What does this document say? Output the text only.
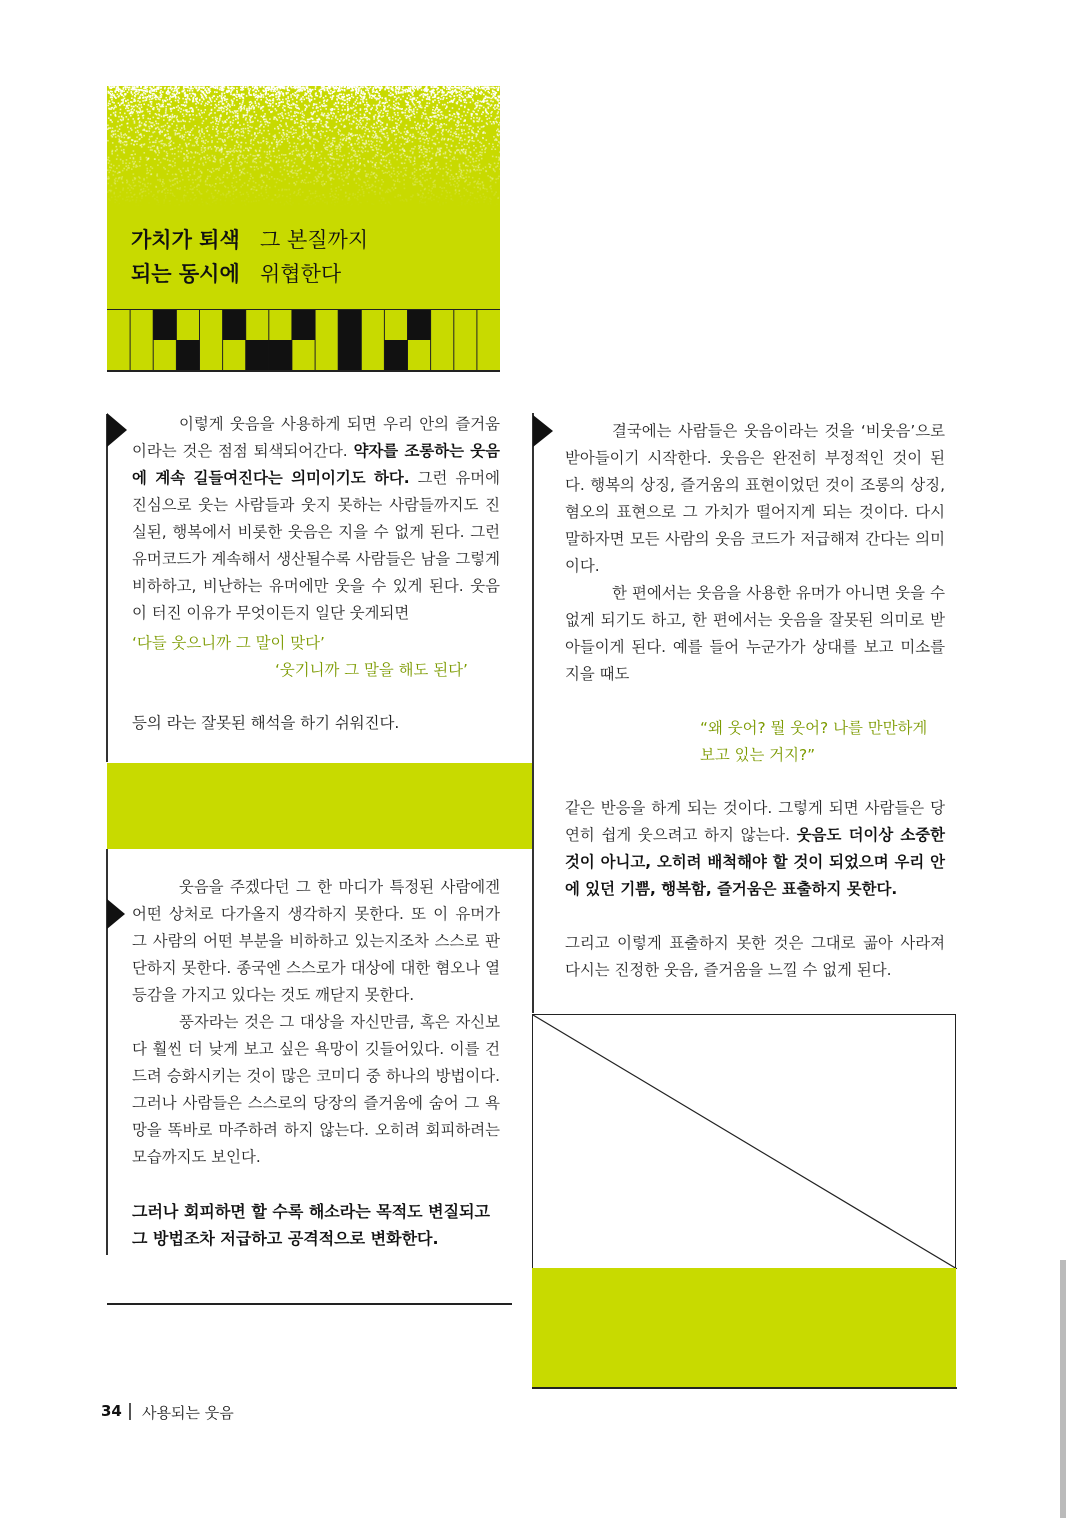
가치가 퇴색
되는 동시에
그 본질까지
위협한다

이렇게 웃음을 사용하게 되면 우리 안의 즐거움이라는 것은 점점 퇴색되어간다. 약자를 조롱하는 웃음에 계속 길들여진다는 의미이기도 하다. 그런 유머에 진심으로 웃는 사람들과 웃지 못하는 사람들까지도 진실된, 행복에서 비롯한 웃음은 지을 수 없게 된다. 그런 유머코드가 계속해서 생산될수록 사람들은 남을 그렇게 비하하고, 비난하는 유머에만 웃을 수 있게 된다. 웃음이 터진 이유가 무엇이든지 일단 웃게되면

‘다들 웃으니까 그 말이 맞다’
‘웃기니까 그 말을 해도 된다’
등의 라는 잘못된 해석을 하기 쉬워진다.

웃음을 주겠다던 그 한 마디가 특정된 사람에겐 어떤 상처로 다가올지 생각하지 못한다. 또 이 유머가 그 사람의 어떤 부분을 비하하고 있는지조차 스스로 판단하지 못한다. 종국엔 스스로가 대상에 대한 혐오나 열등감을 가지고 있다는 것도 깨닫지 못한다.

풍자라는 것은 그 대상을 자신만큼, 혹은 자신보다 훨씬 더 낮게 보고 싶은 욕망이 깃들어있다. 이를 건드려 승화시키는 것이 많은 코미디 중 하나의 방법이다. 그러나 사람들은 스스로의 당장의 즐거움에 숨어 그 욕망을 똑바로 마주하려 하지 않는다. 오히려 회피하려는 모습까지도 보인다.

그러나 회피하면 할 수록 해소라는 목적도 변질되고
그 방법조차 저급하고 공격적으로 변화한다.

결국에는 사람들은 웃음이라는 것을 ‘비웃음’으로 받아들이기 시작한다. 웃음은 완전히 부정적인 것이 된다. 행복의 상징, 즐거움의 표현이었던 것이 조롱의 상징, 혐오의 표현으로 그 가치가 떨어지게 되는 것이다. 다시 말하자면 모든 사람의 웃음 코드가 저급해져 간다는 의미이다.

한 편에서는 웃음을 사용한 유머가 아니면 웃을 수 없게 되기도 하고, 한 편에서는 웃음을 잘못된 의미로 받아들이게 된다. 예를 들어 누군가가 상대를 보고 미소를 지을 때도

“왜 웃어? 뭘 웃어? 나를 만만하게
보고 있는 거지?”

같은 반응을 하게 되는 것이다. 그렇게 되면 사람들은 당연히 쉽게 웃으려고 하지 않는다. 웃음도 더이상 소중한 것이 아니고, 오히려 배척해야 할 것이 되었으며 우리 안에 있던 기쁨, 행복함, 즐거움은 표출하지 못한다.

그리고 이렇게 표출하지 못한 것은 그대로 곪아 사라져 다시는 진정한 웃음, 즐거움을 느낄 수 없게 된다.

34 사용되는 웃음
